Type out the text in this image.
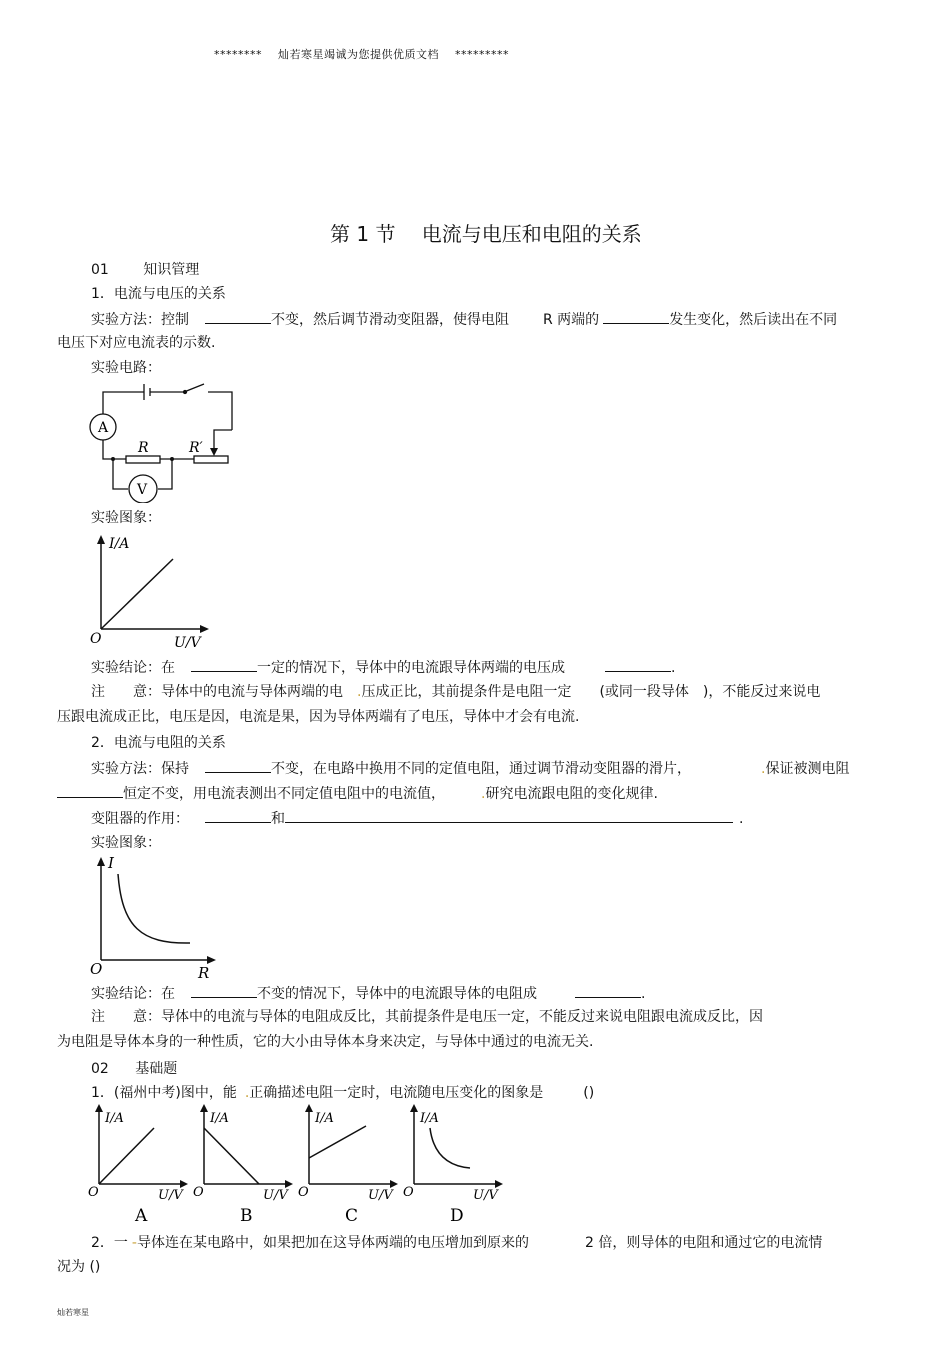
******** 灿若寒星竭诚为您提供优质文档 *********
第 1 节　 电流与电压和电阻的关系
01 知识管理
1．电流与电压的关系
实验方法：控制	不变，然后调节滑动变阻器，使得电阻 R 两端的	发生变化，然后读出在不同
电压下对应电流表的示数.
实验电路：
A
V
R	R′
实验图象：
I/A
O	U/V
实验结论：在	一定的情况下，导体中的电流跟导体两端的电压成	.
注　　意：导体中的电流与导体两端的电 .压成正比，其前提条件是电阻一定 (或同一段导体 )，不能反过来说电
压跟电流成正比，电压是因，电流是果，因为导体两端有了电压，导体中才会有电流.
2．电流与电阻的关系
实验方法：保持	不变，在电路中换用不同的定值电阻，通过调节滑动变阻器的滑片，	.保证被测电阻
恒定不变，用电流表测出不同定值电阻中的电流值，	.研究电流跟电阻的变化规律.
变阻器的作用：	和	.
实验图象：
I
O	R
实验结论：在	不变的情况下，导体中的电流跟导体的电阻成	.
注　　意：导体中的电流与导体的电阻成反比，其前提条件是电压一定，不能反过来说电阻跟电流成反比，因
为电阻是导体本身的一种性质，它的大小由导体本身来决定，与导体中通过的电流无关.
02 基础题
1．(福州中考)图中，能 .正确描述电阻一定时，电流随电压变化的图象是	()
I/A
O	U/V
I/A
O	U/V
I/A
O	U/V
I/A
O	U/V
A	B	C	D
2．一 -导体连在某电路中，如果把加在这导体两端的电压增加到原来的	2 倍，则导体的电阻和通过它的电流情
况为 ()
灿若寒星
